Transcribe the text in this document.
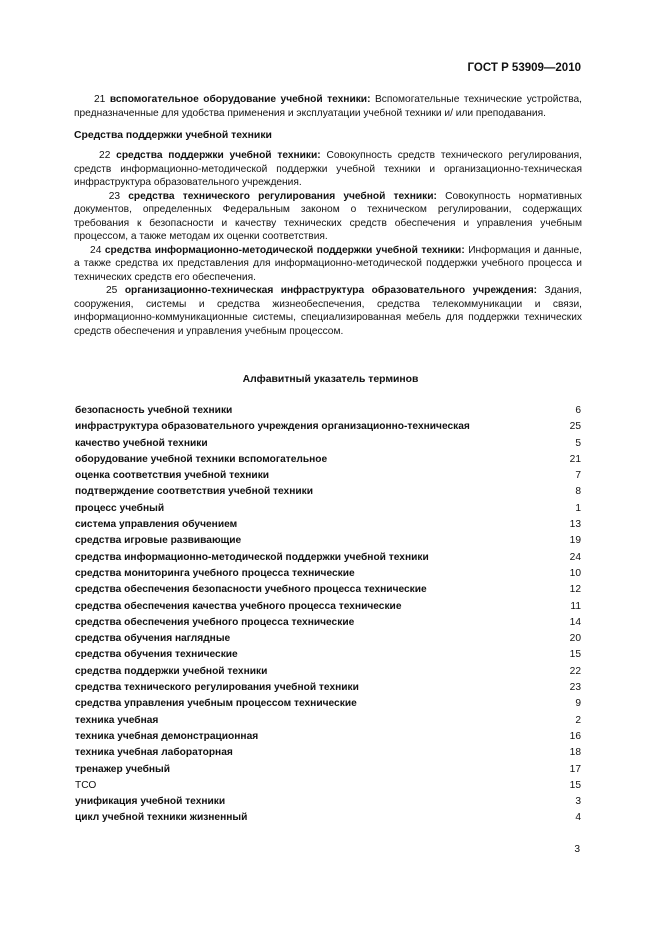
ГОСТ Р 53909—2010

21 вспомогательное оборудование учебной техники: Вспомогательные технические устройства, предназначенные для удобства применения и эксплуатации учебной техники и/ или преподавания.

Средства поддержки учебной техники

22 средства поддержки учебной техники: Совокупность средств технического регулирования, средств информационно-методической поддержки учебной техники и организационно-техническая инфраструктура образовательного учреждения.

23 средства технического регулирования учебной техники: Совокупность нормативных документов, определенных Федеральным законом о техническом регулировании, содержащих требования к безопасности и качеству технических средств обеспечения и управления учебным процессом, а также методам их оценки соответствия.

24 средства информационно-методической поддержки учебной техники: Информация и данные, а также средства их представления для информационно-методической поддержки учебного процесса и технических средств его обеспечения.

25 организационно-техническая инфраструктура образовательного учреждения: Здания, сооружения, системы и средства жизнеобеспечения, средства телекоммуникации и связи, информационно-коммуникационные системы, специализированная мебель для поддержки технических средств обеспечения и управления учебным процессом.

Алфавитный указатель терминов
безопасность учебной техники	6
инфраструктура образовательного учреждения организационно-техническая	25
качество учебной техники	5
оборудование учебной техники вспомогательное	21
оценка соответствия учебной техники	7
подтверждение соответствия учебной техники	8
процесс учебный	1
система управления обучением	13
средства игровые развивающие	19
средства информационно-методической поддержки учебной техники	24
средства мониторинга учебного процесса технические	10
средства обеспечения безопасности учебного процесса технические	12
средства обеспечения качества учебного процесса технические	11
средства обеспечения учебного процесса технические	14
средства обучения наглядные	20
средства обучения технические	15
средства поддержки учебной техники	22
средства технического регулирования учебной техники	23
средства управления учебным процессом технические	9
техника учебная	2
техника учебная демонстрационная	16
техника учебная лабораторная	18
тренажер учебный	17
ТСО	15
унификация учебной техники	3
цикл учебной техники жизненный	4
3
